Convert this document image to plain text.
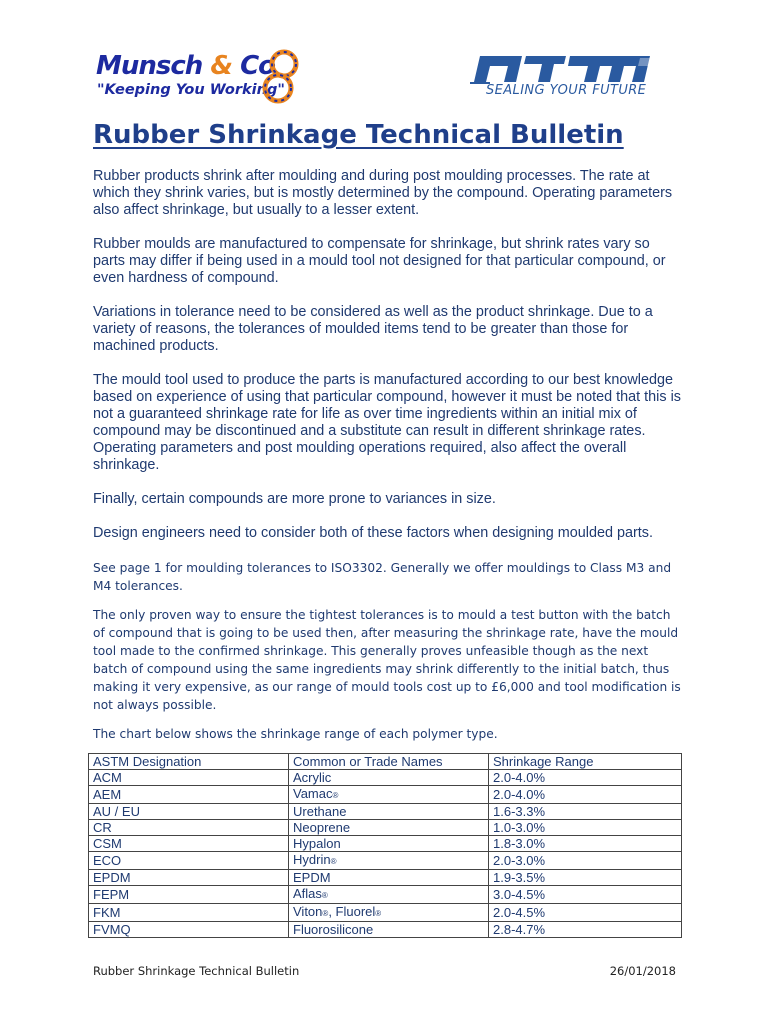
Munsch & Co
"Keeping You Working"	SEALING YOUR FUTURE
Rubber Shrinkage Technical Bulletin

Rubber products shrink after moulding and during post moulding processes. The rate at which they shrink varies, but is mostly determined by the compound. Operating parameters also affect shrinkage, but usually to a lesser extent.

Rubber moulds are manufactured to compensate for shrinkage, but shrink rates vary so parts may differ if being used in a mould tool not designed for that particular compound, or even hardness of compound.

Variations in tolerance need to be considered as well as the product shrinkage. Due to a variety of reasons, the tolerances of moulded items tend to be greater than those for machined products.

The mould tool used to produce the parts is manufactured according to our best knowledge based on experience of using that particular compound, however it must be noted that this is not a guaranteed shrinkage rate for life as over time ingredients within an initial mix of compound may be discontinued and a substitute can result in different shrinkage rates. Operating parameters and post moulding operations required, also affect the overall shrinkage.

Finally, certain compounds are more prone to variances in size.

Design engineers need to consider both of these factors when designing moulded parts.

See page 1 for moulding tolerances to ISO3302. Generally we offer mouldings to Class M3 and M4 tolerances.

The only proven way to ensure the tightest tolerances is to mould a test button with the batch of compound that is going to be used then, after measuring the shrinkage rate, have the mould tool made to the confirmed shrinkage. This generally proves unfeasible though as the next batch of compound using the same ingredients may shrink differently to the initial batch, thus making it very expensive, as our range of mould tools cost up to £6,000 and tool modification is not always possible.

The chart below shows the shrinkage range of each polymer type.

ASTM Designation	Common or Trade Names	Shrinkage Range
ACM	Acrylic	2.0-4.0%
AEM	Vamac®	2.0-4.0%
AU / EU	Urethane	1.6-3.3%
CR	Neoprene	1.0-3.0%
CSM	Hypalon	1.8-3.0%
ECO	Hydrin®	2.0-3.0%
EPDM	EPDM	1.9-3.5%
FEPM	Aflas®	3.0-4.5%
FKM	Viton®, Fluorel®	2.0-4.5%
FVMQ	Fluorosilicone	2.8-4.7%
Rubber Shrinkage Technical Bulletin	26/01/2018
